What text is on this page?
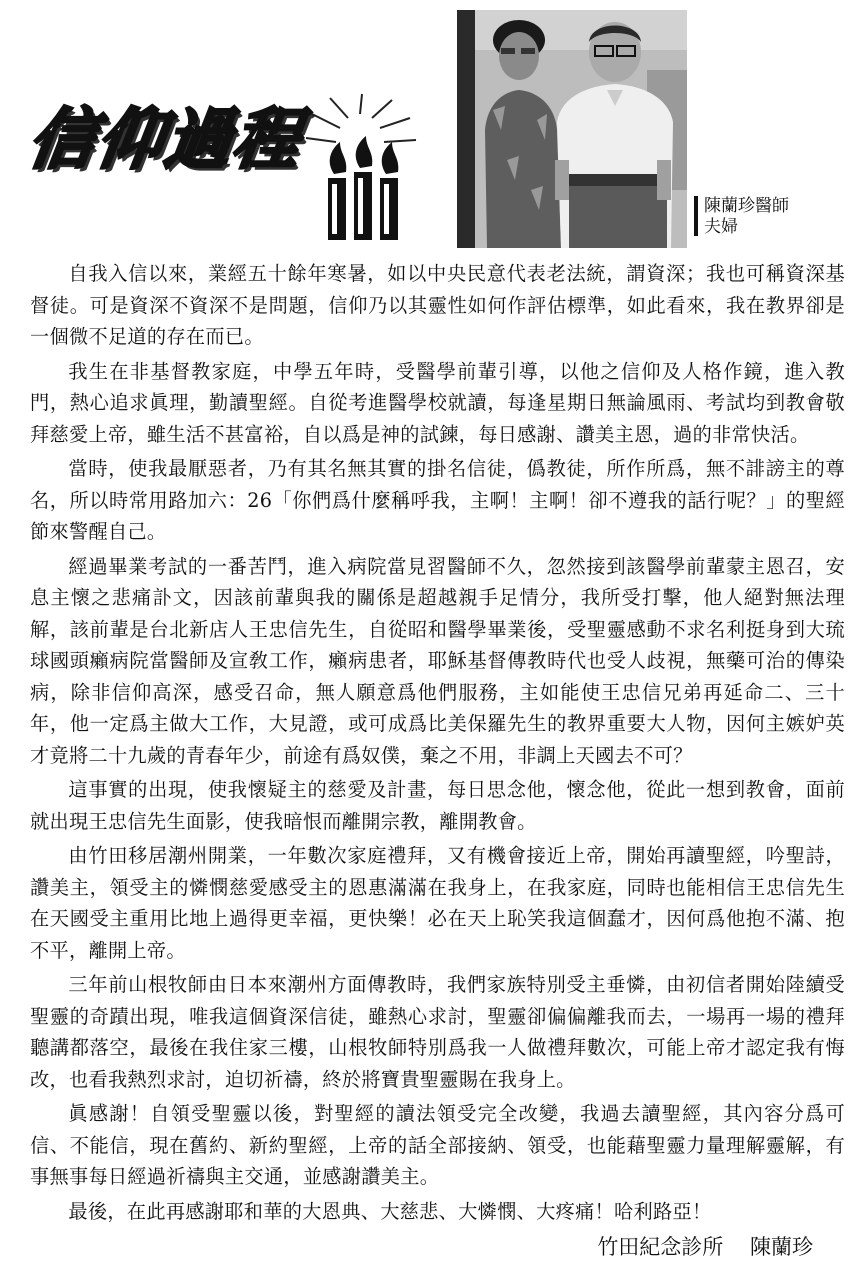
信仰過程
陳蘭珍醫師
夫婦

自我入信以來，業經五十餘年寒暑，如以中央民意代表老法統，謂資深；我也可稱資深基督徒。可是資深不資深不是問題，信仰乃以其靈性如何作評估標準，如此看來，我在教界卻是一個微不足道的存在而已。

我生在非基督教家庭，中學五年時，受醫學前輩引導，以他之信仰及人格作鏡，進入教門，熱心追求眞理，勤讀聖經。自從考進醫學校就讀，每逢星期日無論風雨、考試均到教會敬拜慈愛上帝，雖生活不甚富裕，自以爲是神的試鍊，每日感謝、讚美主恩，過的非常快活。

當時，使我最厭惡者，乃有其名無其實的掛名信徒，僞教徒，所作所爲，無不誹謗主的尊名，所以時常用路加六：26「你們爲什麼稱呼我，主啊！主啊！卻不遵我的話行呢？」的聖經節來警醒自己。

經過畢業考試的一番苦鬥，進入病院當見習醫師不久，忽然接到該醫學前輩蒙主恩召，安息主懷之悲痛訃文，因該前輩與我的關係是超越親手足情分，我所受打擊，他人絕對無法理解，該前輩是台北新店人王忠信先生，自從昭和醫學畢業後，受聖靈感動不求名利挺身到大琉球國頭癩病院當醫師及宣敎工作，癩病患者，耶穌基督傳教時代也受人歧視，無藥可治的傳染病，除非信仰高深，感受召命，無人願意爲他們服務，主如能使王忠信兄弟再延命二、三十年，他一定爲主做大工作，大見證，或可成爲比美保羅先生的教界重要大人物，因何主嫉妒英才竟將二十九歲的青春年少，前途有爲奴僕，棄之不用，非調上天國去不可？

這事實的出現，使我懷疑主的慈愛及計畫，每日思念他，懷念他，從此一想到教會，面前就出現王忠信先生面影，使我暗恨而離開宗教，離開教會。

由竹田移居潮州開業，一年數次家庭禮拜，又有機會接近上帝，開始再讀聖經，吟聖詩，讚美主，領受主的憐憫慈愛感受主的恩惠滿滿在我身上，在我家庭，同時也能相信王忠信先生在天國受主重用比地上過得更幸福，更快樂！必在天上恥笑我這個蠢才，因何爲他抱不滿、抱不平，離開上帝。

三年前山根牧師由日本來潮州方面傳教時，我們家族特別受主垂憐，由初信者開始陸續受聖靈的奇蹟出現，唯我這個資深信徒，雖熱心求討，聖靈卻偏偏離我而去，一場再一場的禮拜聽講都落空，最後在我住家三樓，山根牧師特別爲我一人做禮拜數次，可能上帝才認定我有悔改，也看我熱烈求討，迫切祈禱，終於將寶貴聖靈賜在我身上。

眞感謝！自領受聖靈以後，對聖經的讀法領受完全改變，我過去讀聖經，其內容分爲可信、不能信，現在舊約、新約聖經，上帝的話全部接納、領受，也能藉聖靈力量理解靈解，有事無事每日經過祈禱與主交通，並感謝讚美主。

最後，在此再感謝耶和華的大恩典、大慈悲、大憐憫、大疼痛！哈利路亞！

竹田紀念診所 陳蘭珍
